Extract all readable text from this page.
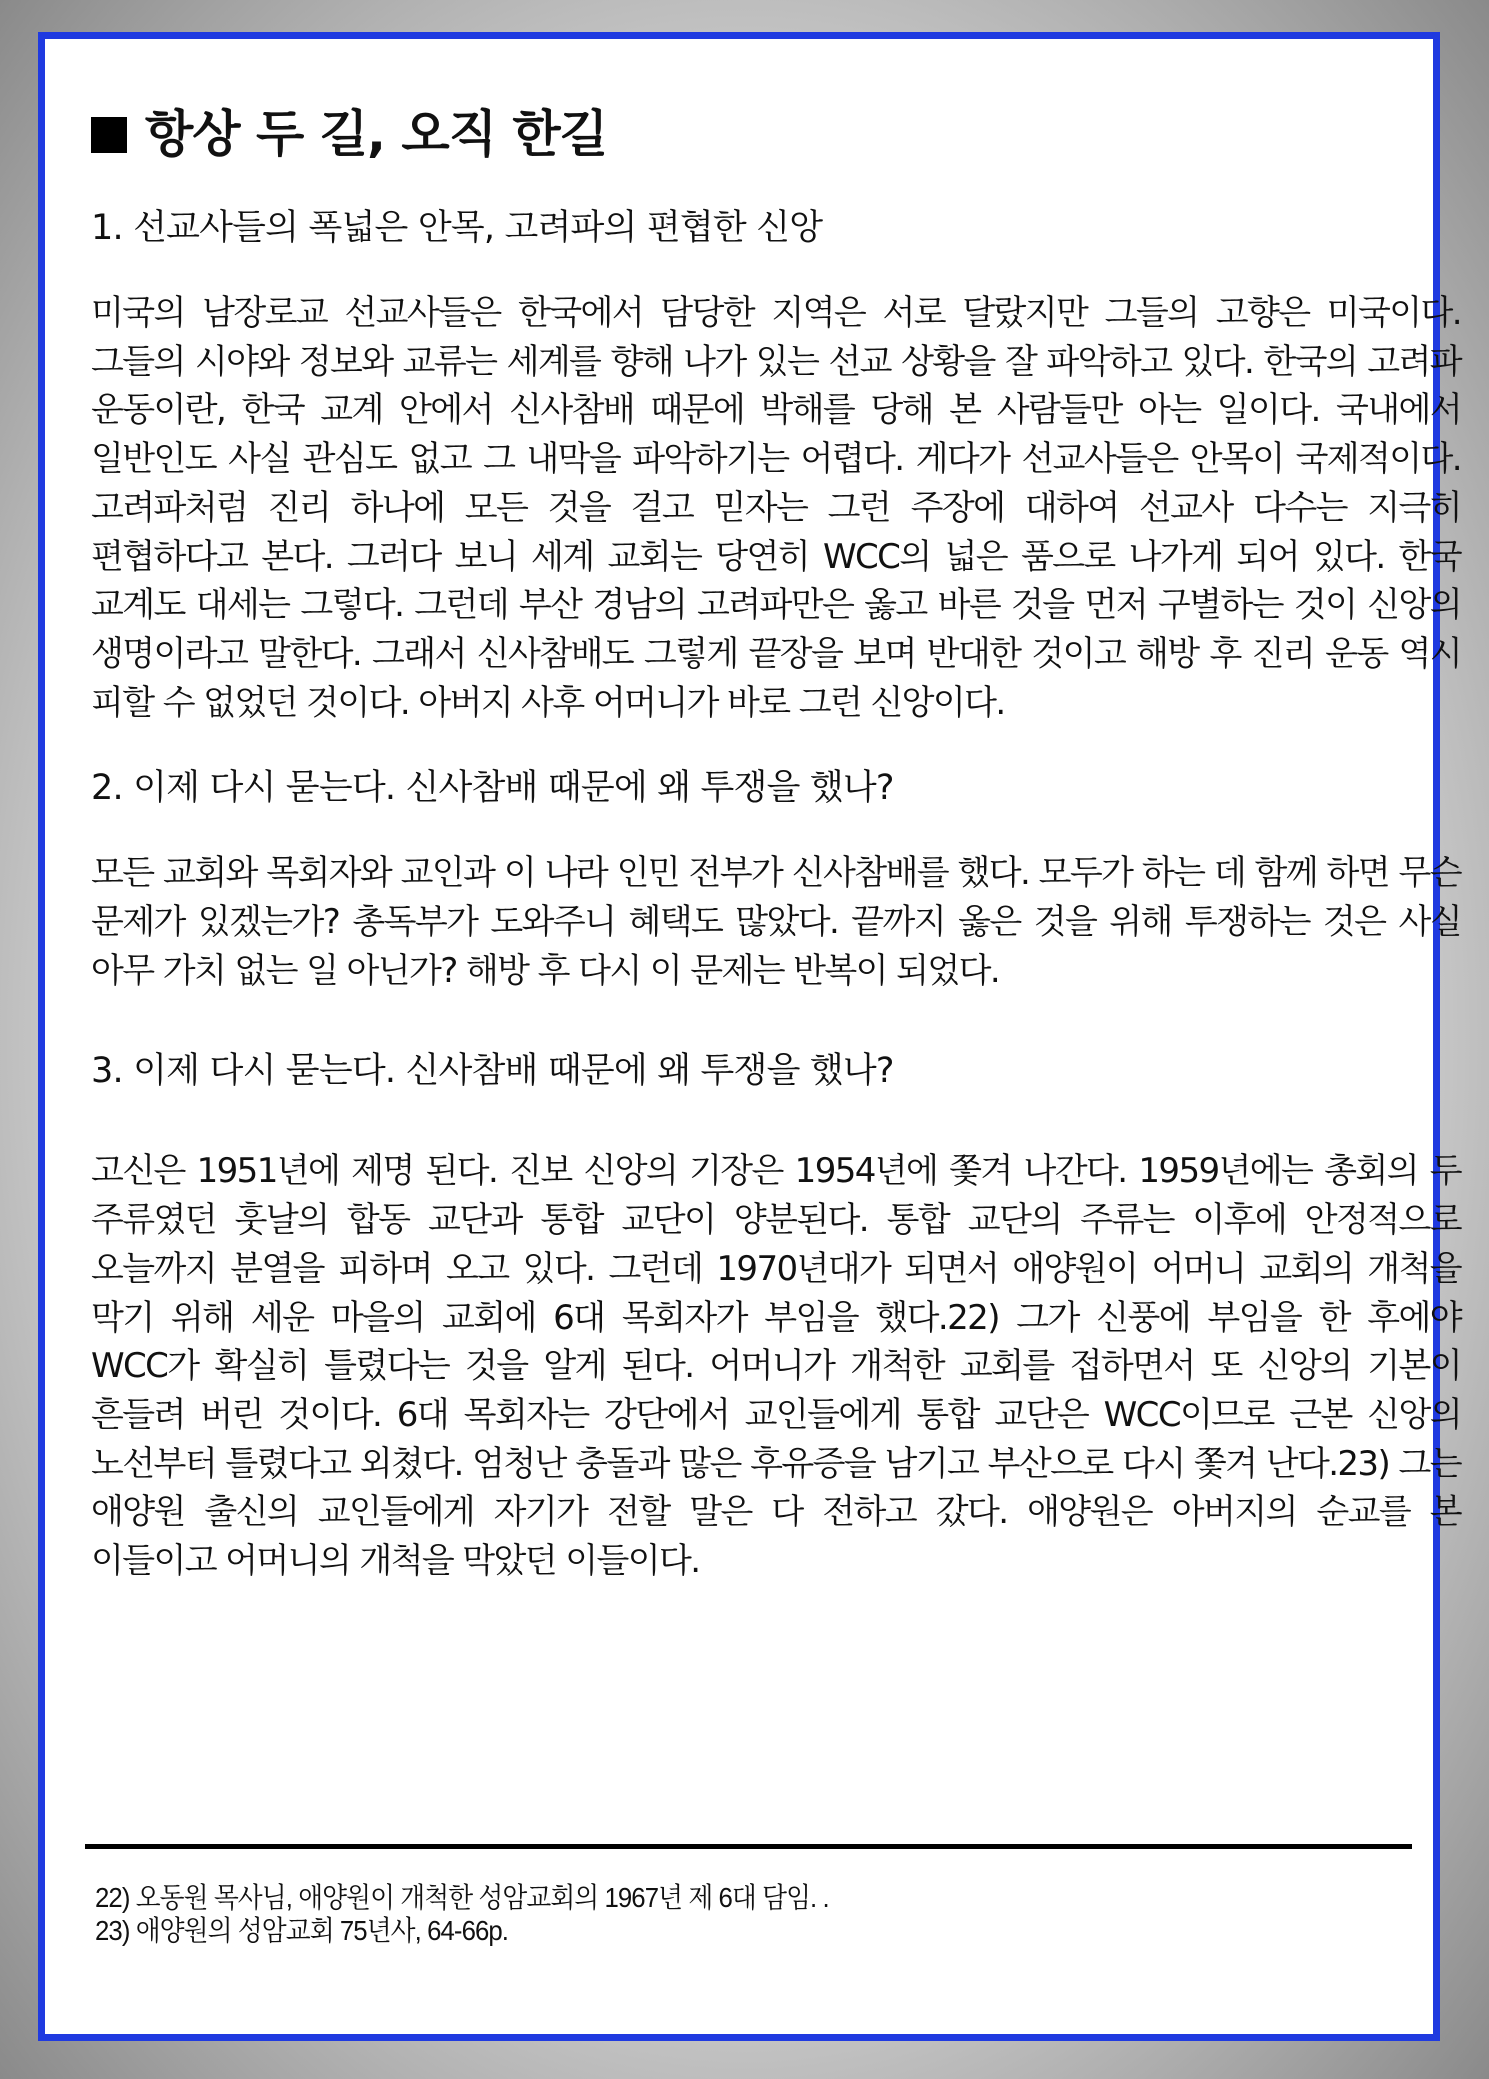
항상 두 길, 오직 한길
1. 선교사들의 폭넓은 안목, 고려파의 편협한 신앙

미국의 남장로교 선교사들은 한국에서 담당한 지역은 서로 달랐지만 그들의 고향은 미국이다. 그들의 시야와 정보와 교류는 세계를 향해 나가 있는 선교 상황을 잘 파악하고 있다. 한국의 고려파 운동이란, 한국 교계 안에서 신사참배 때문에 박해를 당해 본 사람들만 아는 일이다. 국내에서 일반인도 사실 관심도 없고 그 내막을 파악하기는 어렵다. 게다가 선교사들은 안목이 국제적이다. 고려파처럼 진리 하나에 모든 것을 걸고 믿자는 그런 주장에 대하여 선교사 다수는 지극히 편협하다고 본다. 그러다 보니 세계 교회는 당연히 WCC의 넓은 품으로 나가게 되어 있다. 한국 교계도 대세는 그렇다. 그런데 부산 경남의 고려파만은 옳고 바른 것을 먼저 구별하는 것이 신앙의 생명이라고 말한다. 그래서 신사참배도 그렇게 끝장을 보며 반대한 것이고 해방 후 진리 운동 역시 피할 수 없었던 것이다. 아버지 사후 어머니가 바로 그런 신앙이다.

2. 이제 다시 묻는다. 신사참배 때문에 왜 투쟁을 했나?

모든 교회와 목회자와 교인과 이 나라 인민 전부가 신사참배를 했다. 모두가 하는 데 함께 하면 무슨 문제가 있겠는가? 총독부가 도와주니 혜택도 많았다. 끝까지 옳은 것을 위해 투쟁하는 것은 사실 아무 가치 없는 일 아닌가? 해방 후 다시 이 문제는 반복이 되었다.

3. 이제 다시 묻는다. 신사참배 때문에 왜 투쟁을 했나?

고신은 1951년에 제명 된다. 진보 신앙의 기장은 1954년에 쫓겨 나간다. 1959년에는 총회의 두 주류였던 훗날의 합동 교단과 통합 교단이 양분된다. 통합 교단의 주류는 이후에 안정적으로 오늘까지 분열을 피하며 오고 있다. 그런데 1970년대가 되면서 애양원이 어머니 교회의 개척을 막기 위해 세운 마을의 교회에 6대 목회자가 부임을 했다.22) 그가 신풍에 부임을 한 후에야 WCC가 확실히 틀렸다는 것을 알게 된다. 어머니가 개척한 교회를 접하면서 또 신앙의 기본이 흔들려 버린 것이다. 6대 목회자는 강단에서 교인들에게 통합 교단은 WCC이므로 근본 신앙의 노선부터 틀렸다고 외쳤다. 엄청난 충돌과 많은 후유증을 남기고 부산으로 다시 쫓겨 난다.23) 그는 애양원 출신의 교인들에게 자기가 전할 말은 다 전하고 갔다. 애양원은 아버지의 순교를 본 이들이고 어머니의 개척을 막았던 이들이다.

22) 오동원 목사님, 애양원이 개척한 성암교회의 1967년 제 6대 담임. .
23) 애양원의 성암교회 75년사, 64-66p.
